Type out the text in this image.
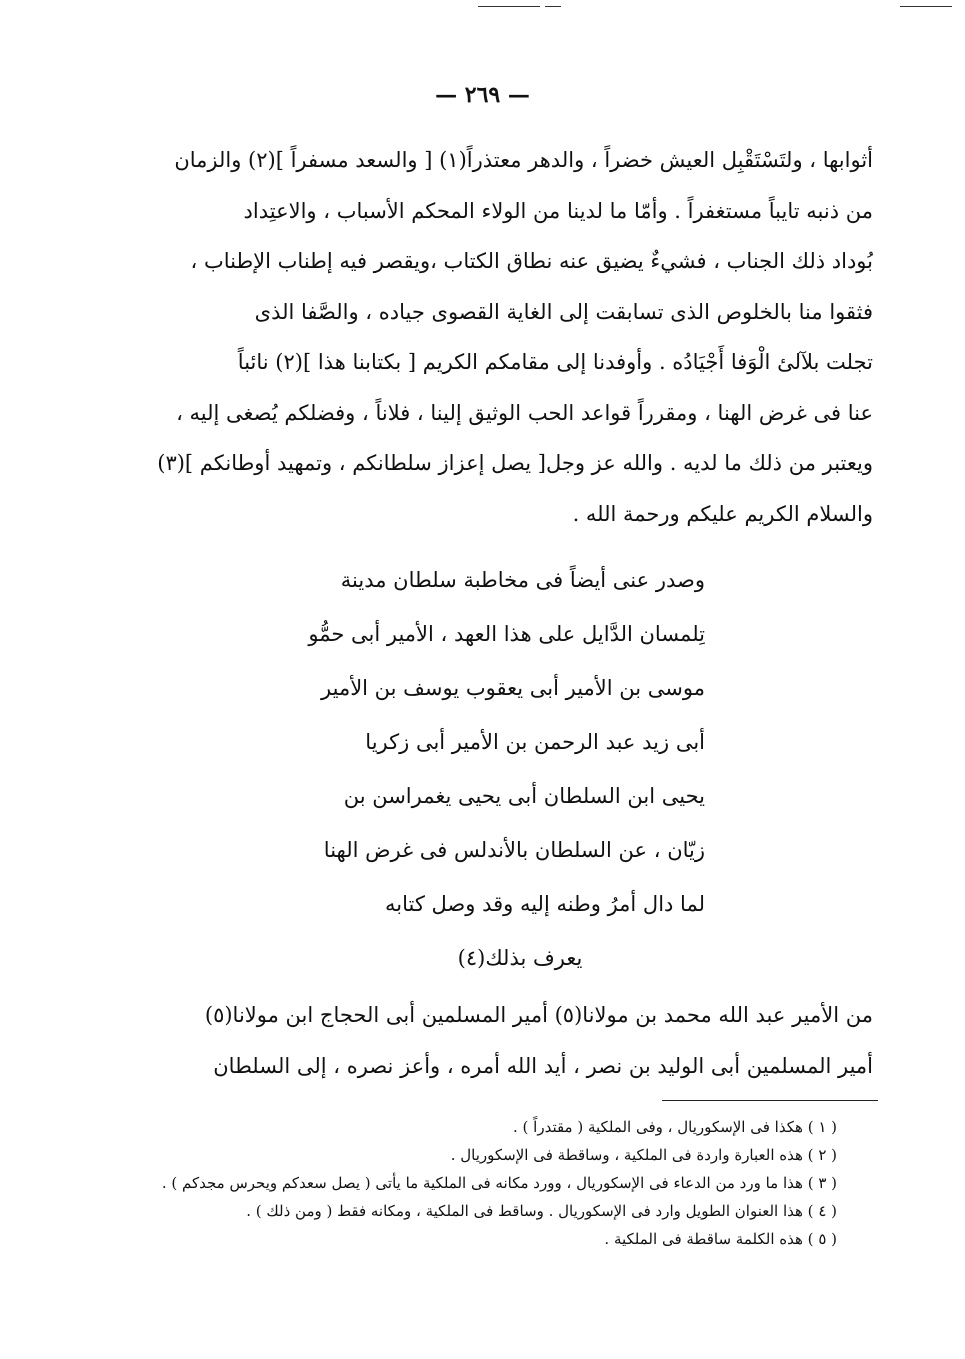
— ٢٦٩ —
أثوابها ، ولتَسْتَقْبِل العيش خضراً ، والدهر معتذراً(١) [ والسعد مسفراً ](٢) والزمان
من ذنبه تايباً مستغفراً . وأمّا ما لدينا من الولاء المحكم الأسباب ، والاعتِداد
بُوداد ذلك الجناب ، فشيءٌ يضيق عنه نطاق الكتاب ،ويقصر فيه إطناب الإطناب ،
فثقوا منا بالخلوص الذى تسابقت إلى الغاية القصوى جياده ، والصَّفا الذى
تجلت بلآلئ الْوَفا أَجْيَادُه . وأوفدنا إلى مقامكم الكريم [ بكتابنا هذا ](٢) نائباً
عنا فى غرض الهنا ، ومقرراً قواعد الحب الوثيق إلينا ، فلاناً ، وفضلكم يُصغى إليه ،
ويعتبر من ذلك ما لديه . والله عز وجل[ يصل إعزاز سلطانكم ، وتمهيد أوطانكم ](٣)
والسلام الكريم عليكم ورحمة الله .
وصدر عنى أيضاً فى مخاطبة سلطان مدينة
تِلمسان الدَّايل على هذا العهد ، الأمير أبى حمُّو
موسى بن الأمير أبى يعقوب يوسف بن الأمير
أبى زيد عبد الرحمن بن الأمير أبى زكريا
يحيى ابن السلطان أبى يحيى يغمراسن بن
زيّان ، عن السلطان بالأندلس فى غرض الهنا
لما دال أمرُ وطنه إليه وقد وصل كتابه
يعرف بذلك(٤)
من الأمير عبد الله محمد بن مولانا(٥) أمير المسلمين أبى الحجاج ابن مولانا(٥)
أمير المسلمين أبى الوليد بن نصر ، أيد الله أمره ، وأعز نصره ، إلى السلطان
( ١ ) هكذا فى الإسكوريال ، وفى الملكية ( مقتدراً ) .
( ٢ ) هذه العبارة واردة فى الملكية ، وساقطة فى الإسكوريال .
( ٣ ) هذا ما ورد من الدعاء فى الإسكوريال ، وورد مكانه فى الملكية ما يأتى ( يصل سعدكم ويحرس مجدكم ) .
( ٤ ) هذا العنوان الطويل وارد فى الإسكوريال . وساقط فى الملكية ، ومكانه فقط ( ومن ذلك ) .
( ٥ ) هذه الكلمة ساقطة فى الملكية .
